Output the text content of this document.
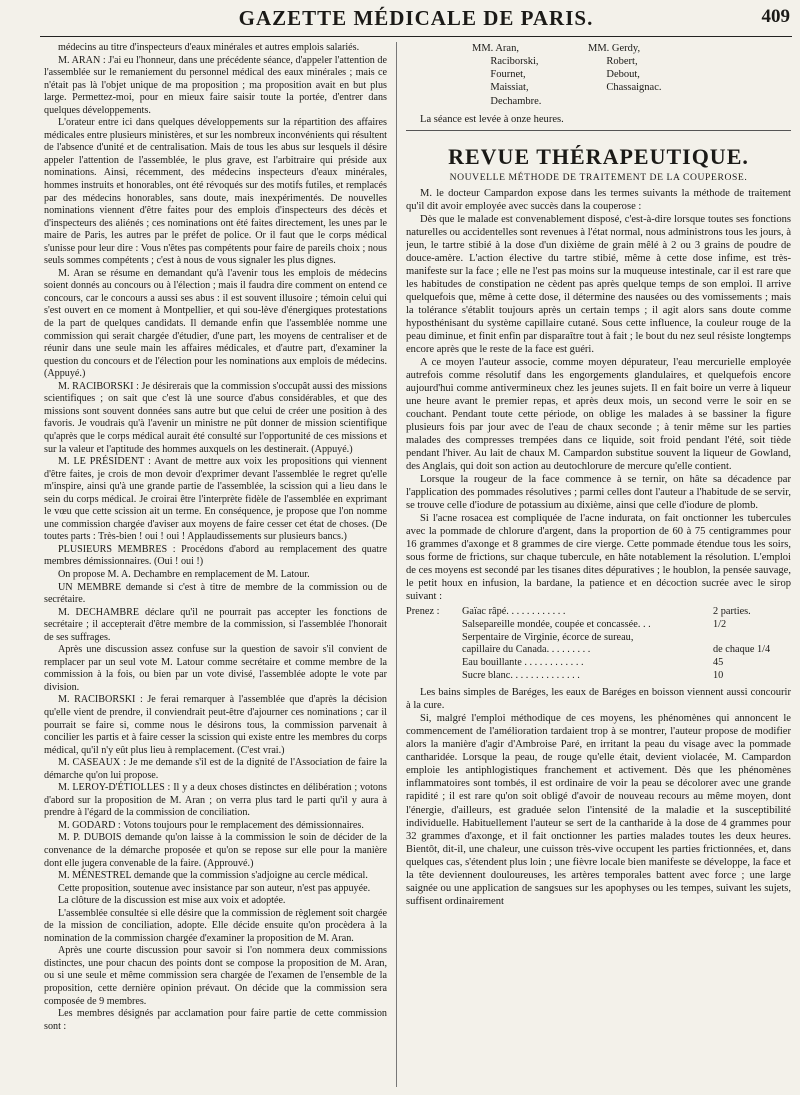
GAZETTE MÉDICALE DE PARIS.	409

médecins au titre d'inspecteurs d'eaux minérales et autres emplois salariés.

M. ARAN : J'ai eu l'honneur, dans une précédente séance, d'appeler l'attention de l'assemblée sur le remaniement du personnel médical des eaux minérales ; mais ce n'était pas là l'objet unique de ma proposition ; ma proposition avait en but plus large. Permettez-moi, pour en mieux faire saisir toute la portée, d'entrer dans quelques développements.

L'orateur entre ici dans quelques développements sur la répartition des affaires médicales entre plusieurs ministères, et sur les nombreux inconvénients qui résultent de l'absence d'unité et de centralisation. Mais de tous les abus sur lesquels il désire appeler l'attention de l'assemblée, le plus grave, est l'arbitraire qui préside aux nominations. Ainsi, récemment, des médecins inspecteurs d'eaux minérales, hommes instruits et honorables, ont été révoqués sur des motifs futiles, et remplacés par des médecins honorables, sans doute, mais inexpérimentés. De nouvelles nominations viennent d'être faites pour des emplois d'inspecteurs des décès et d'inspecteurs des aliénés ; ces nominations ont été faites directement, les unes par le maire de Paris, les autres par le préfet de police. Or il faut que le corps médical s'unisse pour leur dire : Vous n'êtes pas compétents pour faire de pareils choix ; nous seuls sommes compétents ; c'est à nous de vous signaler les plus dignes.

M. Aran se résume en demandant qu'à l'avenir tous les emplois de médecins soient donnés au concours ou à l'élection ; mais il faudra dire comment on entend ce concours, car le concours a aussi ses abus : il est souvent illusoire ; témoin celui qui s'est ouvert en ce moment à Montpellier, et qui sou-lève d'énergiques protestations de la part de quelques candidats. Il demande enfin que l'assemblée nomme une commission qui serait chargée d'étudier, d'une part, les moyens de centraliser et de réunir dans une seule main les affaires médicales, et d'autre part, d'examiner la question du concours et de l'élection pour les nominations aux emplois de médecins. (Appuyé.)

M. RACIBORSKI : Je désirerais que la commission s'occupât aussi des missions scientifiques ; on sait que c'est là une source d'abus considérables, et que des missions sont souvent données sans autre but que celui de créer une position à des favoris. Je voudrais qu'à l'avenir un ministre ne pût donner de mission scientifique qu'après que le corps médical aurait été consulté sur l'opportunité de ces missions et sur la valeur et l'aptitude des hommes auxquels on les destinerait. (Appuyé.)

M. LE PRÉSIDENT : Avant de mettre aux voix les propositions qui viennent d'être faites, je crois de mon devoir d'exprimer devant l'assemblée le regret qu'elle m'inspire, ainsi qu'à une grande partie de l'assemblée, la scission qui a lieu dans le sein du corps médical. Je croirai être l'interprète fidèle de l'assemblée en exprimant le vœu que cette scission ait un terme. En conséquence, je propose que l'on nomme une commission chargée d'aviser aux moyens de faire cesser cet état de choses. (De toutes parts : Très-bien ! oui ! oui ! Applaudissements sur plusieurs bancs.)

PLUSIEURS MEMBRES : Procédons d'abord au remplacement des quatre membres démissionnaires. (Oui ! oui !)

On propose M. A. Dechambre en remplacement de M. Latour.

UN MEMBRE demande si c'est à titre de membre de la commission ou de secrétaire.

M. DECHAMBRE déclare qu'il ne pourrait pas accepter les fonctions de secrétaire ; il accepterait d'être membre de la commission, si l'assemblée l'honorait de ses suffrages.

Après une discussion assez confuse sur la question de savoir s'il convient de remplacer par un seul vote M. Latour comme secrétaire et comme membre de la commission à la fois, ou bien par un vote divisé, l'assemblée adopte le vote par division.

M. RACIBORSKI : Je ferai remarquer à l'assemblée que d'après la décision qu'elle vient de prendre, il conviendrait peut-être d'ajourner ces nominations ; car il pourrait se faire si, comme nous le désirons tous, la commission parvenait à concilier les partis et à faire cesser la scission qui existe entre les membres du corps médical, qu'il n'y eût plus lieu à remplacement. (C'est vrai.)

M. CASEAUX : Je me demande s'il est de la dignité de l'Association de faire la démarche qu'on lui propose.

M. LEROY-D'ÉTIOLLES : Il y a deux choses distinctes en délibération ; votons d'abord sur la proposition de M. Aran ; on verra plus tard le parti qu'il y aura à prendre à l'égard de la commission de conciliation.

M. GODARD : Votons toujours pour le remplacement des démissionnaires.

M. P. DUBOIS demande qu'on laisse à la commission le soin de décider de la convenance de la démarche proposée et qu'on se repose sur elle pour la manière dont elle jugera convenable de la faire. (Approuvé.)

M. MÉNESTREL demande que la commission s'adjoigne au cercle médical.

Cette proposition, soutenue avec insistance par son auteur, n'est pas appuyée.

La clôture de la discussion est mise aux voix et adoptée.

L'assemblée consultée si elle désire que la commission de règlement soit chargée de la mission de conciliation, adopte. Elle décide ensuite qu'on procèdera à la nomination de la commission chargée d'examiner la proposition de M. Aran.

Après une courte discussion pour savoir si l'on nommera deux commissions distinctes, une pour chacun des points dont se compose la proposition de M. Aran, ou si une seule et même commission sera chargée de l'examen de l'ensemble de la proposition, cette dernière opinion prévaut. On décide que la commission sera composée de 9 membres.

Les membres désignés par acclamation pour faire partie de cette commission sont :

MM. Aran,
Raciborski,
Fournet,
Maissiat,
Dechambre.
MM. Gerdy,
Robert,
Debout,
Chassaignac.

La séance est levée à onze heures.

REVUE THÉRAPEUTIQUE.
NOUVELLE MÉTHODE DE TRAITEMENT DE LA COUPEROSE.

M. le docteur Campardon expose dans les termes suivants la méthode de traitement qu'il dit avoir employée avec succès dans la couperose :

Dès que le malade est convenablement disposé, c'est-à-dire lorsque toutes ses fonctions naturelles ou accidentelles sont revenues à l'état normal, nous administrons tous les jours, à jeun, le tartre stibié à la dose d'un dixième de grain mêlé à 2 ou 3 grains de poudre de douce-amère. L'action élective du tartre stibié, même à cette dose infime, est très-manifeste sur la face ; elle ne l'est pas moins sur la muqueuse intestinale, car il est rare que les habitudes de constipation ne cèdent pas après quelque temps de son emploi. Il arrive quelquefois que, même à cette dose, il détermine des nausées ou des vomissements ; mais la tolérance s'établit toujours après un certain temps ; il agit alors sans doute comme hyposthénisant du système capillaire cutané. Sous cette influence, la couleur rouge de la peau diminue, et finit enfin par disparaître tout à fait ; le bout du nez seul résiste longtemps encore après que le reste de la face est guéri.

A ce moyen l'auteur associe, comme moyen dépurateur, l'eau mercurielle employée autrefois comme résolutif dans les engorgements glandulaires, et quelquefois encore aujourd'hui comme antivermineux chez les jeunes sujets. Il en fait boire un verre à liqueur une heure avant le premier repas, et après deux mois, un second verre le soir en se couchant. Pendant toute cette période, on oblige les malades à se bassiner la figure plusieurs fois par jour avec de l'eau de chaux seconde ; à tenir même sur les parties malades des compresses trempées dans ce liquide, soit froid pendant l'été, soit tiède pendant l'hiver. Au lait de chaux M. Campardon substitue souvent la liqueur de Gowland, des Anglais, qui doit son action au deutochlorure de mercure qu'elle contient.

Lorsque la rougeur de la face commence à se ternir, on hâte sa décadence par l'application des pommades résolutives ; parmi celles dont l'auteur a l'habitude de se servir, se trouve celle d'iodure de potassium au dixième, ainsi que celle d'iodure de plomb.

Si l'acne rosacea est compliquée de l'acne indurata, on fait onctionner les tubercules avec la pommade de chlorure d'argent, dans la proportion de 60 à 75 centigrammes pour 16 grammes d'axonge et 8 grammes de cire vierge. Cette pommade étendue tous les soirs, sous forme de frictions, sur chaque tubercule, en hâte notablement la résolution. L'emploi de ces moyens est secondé par les tisanes dites dépuratives ; le houblon, la pensée sauvage, le petit houx en infusion, la bardane, la patience et en décoction sucrée avec le sirop suivant :

Prenez :	Gaïac râpé. . . . . . . . . . . .	2 parties.
Salsepareille mondée, coupée et concassée. . .	1/2
Serpentaire de Virginie, écorce de sureau,
capillaire du Canada. . . . . . . . .	de chaque 1/4
Eau bouillante . . . . . . . . . . . .	45
Sucre blanc. . . . . . . . . . . . . .	10

Les bains simples de Baréges, les eaux de Baréges en boisson viennent aussi concourir à la cure.

Si, malgré l'emploi méthodique de ces moyens, les phénomènes qui annoncent le commencement de l'amélioration tardaient trop à se montrer, l'auteur propose de modifier alors la manière d'agir d'Ambroise Paré, en irritant la peau du visage avec la pommade cantharidée. Lorsque la peau, de rouge qu'elle était, devient violacée, M. Campardon emploie les antiphlogistiques franchement et activement. Dès que les phénomènes inflammatoires sont tombés, il est ordinaire de voir la peau se décolorer avec une grande rapidité ; il est rare qu'on soit obligé d'avoir de nouveau recours au même moyen, dont l'énergie, d'ailleurs, est graduée selon l'intensité de la maladie et la susceptibilité individuelle. Habituellement l'auteur se sert de la cantharide à la dose de 4 grammes pour 32 grammes d'axonge, et il fait onctionner les parties malades toutes les deux heures. Bientôt, dit-il, une chaleur, une cuisson très-vive occupent les parties frictionnées, et, dans quelques cas, s'étendent plus loin ; une fièvre locale bien manifeste se développe, la face et la tête deviennent douloureuses, les artères temporales battent avec force ; une large saignée ou une application de sangsues sur les apophyses ou les tempes, suivant les sujets, suffisent ordinairement
